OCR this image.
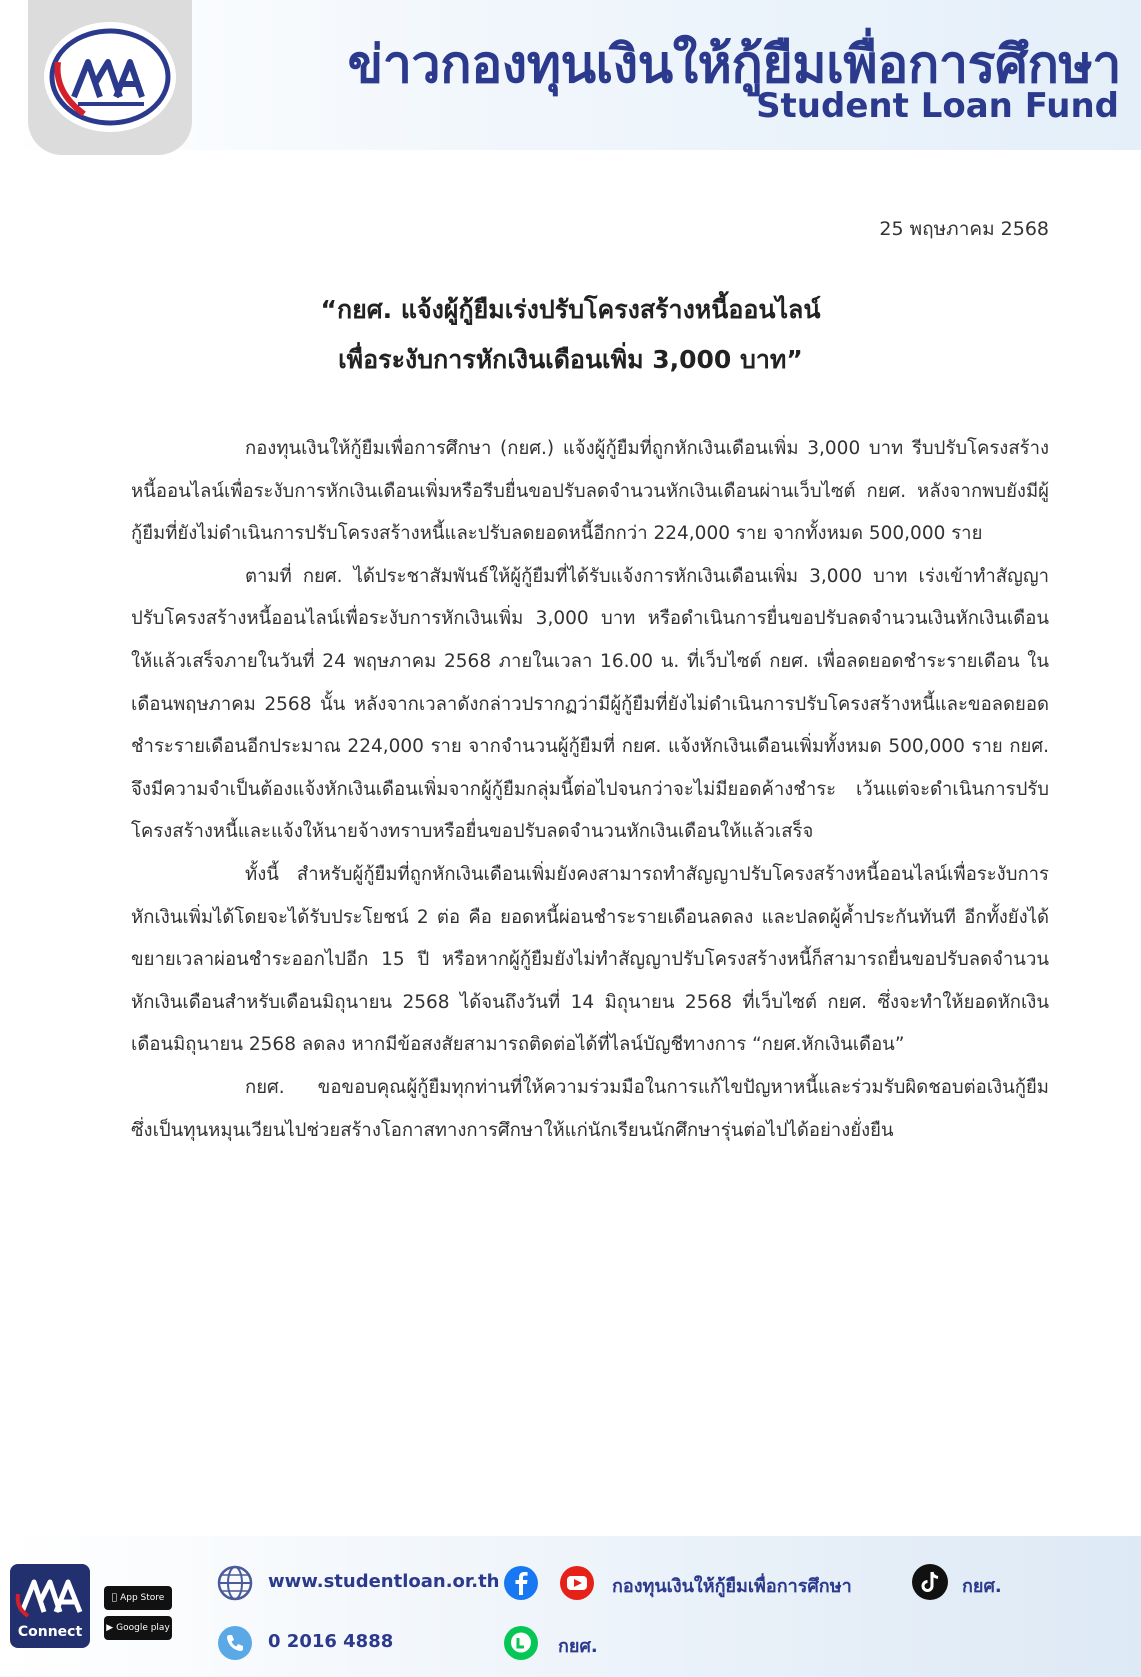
ข่าวกองทุนเงินให้กู้ยืมเพื่อการศึกษา
Student Loan Fund
25 พฤษภาคม 2568
“กยศ. แจ้งผู้กู้ยืมเร่งปรับโครงสร้างหนี้ออนไลน์
เพื่อระงับการหักเงินเดือนเพิ่ม 3,000 บาท”

กองทุนเงินให้กู้ยืมเพื่อการศึกษา (กยศ.) แจ้งผู้กู้ยืมที่ถูกหักเงินเดือนเพิ่ม 3,000 บาท รีบปรับโครงสร้างหนี้ออนไลน์เพื่อระงับการหักเงินเดือนเพิ่มหรือรีบยื่นขอปรับลดจำนวนหักเงินเดือนผ่านเว็บไซต์ กยศ. หลังจากพบยังมีผู้กู้ยืมที่ยังไม่ดำเนินการปรับโครงสร้างหนี้และปรับลดยอดหนี้อีกกว่า 224,000 ราย จากทั้งหมด 500,000 ราย

ตามที่ กยศ. ได้ประชาสัมพันธ์ให้ผู้กู้ยืมที่ได้รับแจ้งการหักเงินเดือนเพิ่ม 3,000 บาท เร่งเข้าทำสัญญาปรับโครงสร้างหนี้ออนไลน์เพื่อระงับการหักเงินเพิ่ม 3,000 บาท หรือดำเนินการยื่นขอปรับลดจำนวนเงินหักเงินเดือนให้แล้วเสร็จภายในวันที่ 24 พฤษภาคม 2568 ภายในเวลา 16.00 น. ที่เว็บไซต์ กยศ. เพื่อลดยอดชำระรายเดือน ในเดือนพฤษภาคม 2568 นั้น หลังจากเวลาดังกล่าวปรากฏว่ามีผู้กู้ยืมที่ยังไม่ดำเนินการปรับโครงสร้างหนี้และขอลดยอดชำระรายเดือนอีกประมาณ 224,000 ราย จากจำนวนผู้กู้ยืมที่ กยศ. แจ้งหักเงินเดือนเพิ่มทั้งหมด 500,000 ราย กยศ. จึงมีความจำเป็นต้องแจ้งหักเงินเดือนเพิ่มจากผู้กู้ยืมกลุ่มนี้ต่อไปจนกว่าจะไม่มียอดค้างชำระ เว้นแต่จะดำเนินการปรับโครงสร้างหนี้และแจ้งให้นายจ้างทราบหรือยื่นขอปรับลดจำนวนหักเงินเดือนให้แล้วเสร็จ

ทั้งนี้ สำหรับผู้กู้ยืมที่ถูกหักเงินเดือนเพิ่มยังคงสามารถทำสัญญาปรับโครงสร้างหนี้ออนไลน์เพื่อระงับการหักเงินเพิ่มได้โดยจะได้รับประโยชน์ 2 ต่อ คือ ยอดหนี้ผ่อนชำระรายเดือนลดลง และปลดผู้ค้ำประกันทันที อีกทั้งยังได้ขยายเวลาผ่อนชำระออกไปอีก 15 ปี หรือหากผู้กู้ยืมยังไม่ทำสัญญาปรับโครงสร้างหนี้ก็สามารถยื่นขอปรับลดจำนวนหักเงินเดือนสำหรับเดือนมิถุนายน 2568 ได้จนถึงวันที่ 14 มิถุนายน 2568 ที่เว็บไซต์ กยศ. ซึ่งจะทำให้ยอดหักเงินเดือนมิถุนายน 2568 ลดลง หากมีข้อสงสัยสามารถติดต่อได้ที่ไลน์บัญชีทางการ “กยศ.หักเงินเดือน”

กยศ. ขอขอบคุณผู้กู้ยืมทุกท่านที่ให้ความร่วมมือในการแก้ไขปัญหาหนี้และร่วมรับผิดชอบต่อเงินกู้ยืม ซึ่งเป็นทุนหมุนเวียนไปช่วยสร้างโอกาสทางการศึกษาให้แก่นักเรียนนักศึกษารุ่นต่อไปได้อย่างยั่งยืน

Connect
App Store
▶ Google play
www.studentloan.or.th	กองทุนเงินให้กู้ยืมเพื่อการศึกษา	กยศ.
0 2016 4888	กยศ.
